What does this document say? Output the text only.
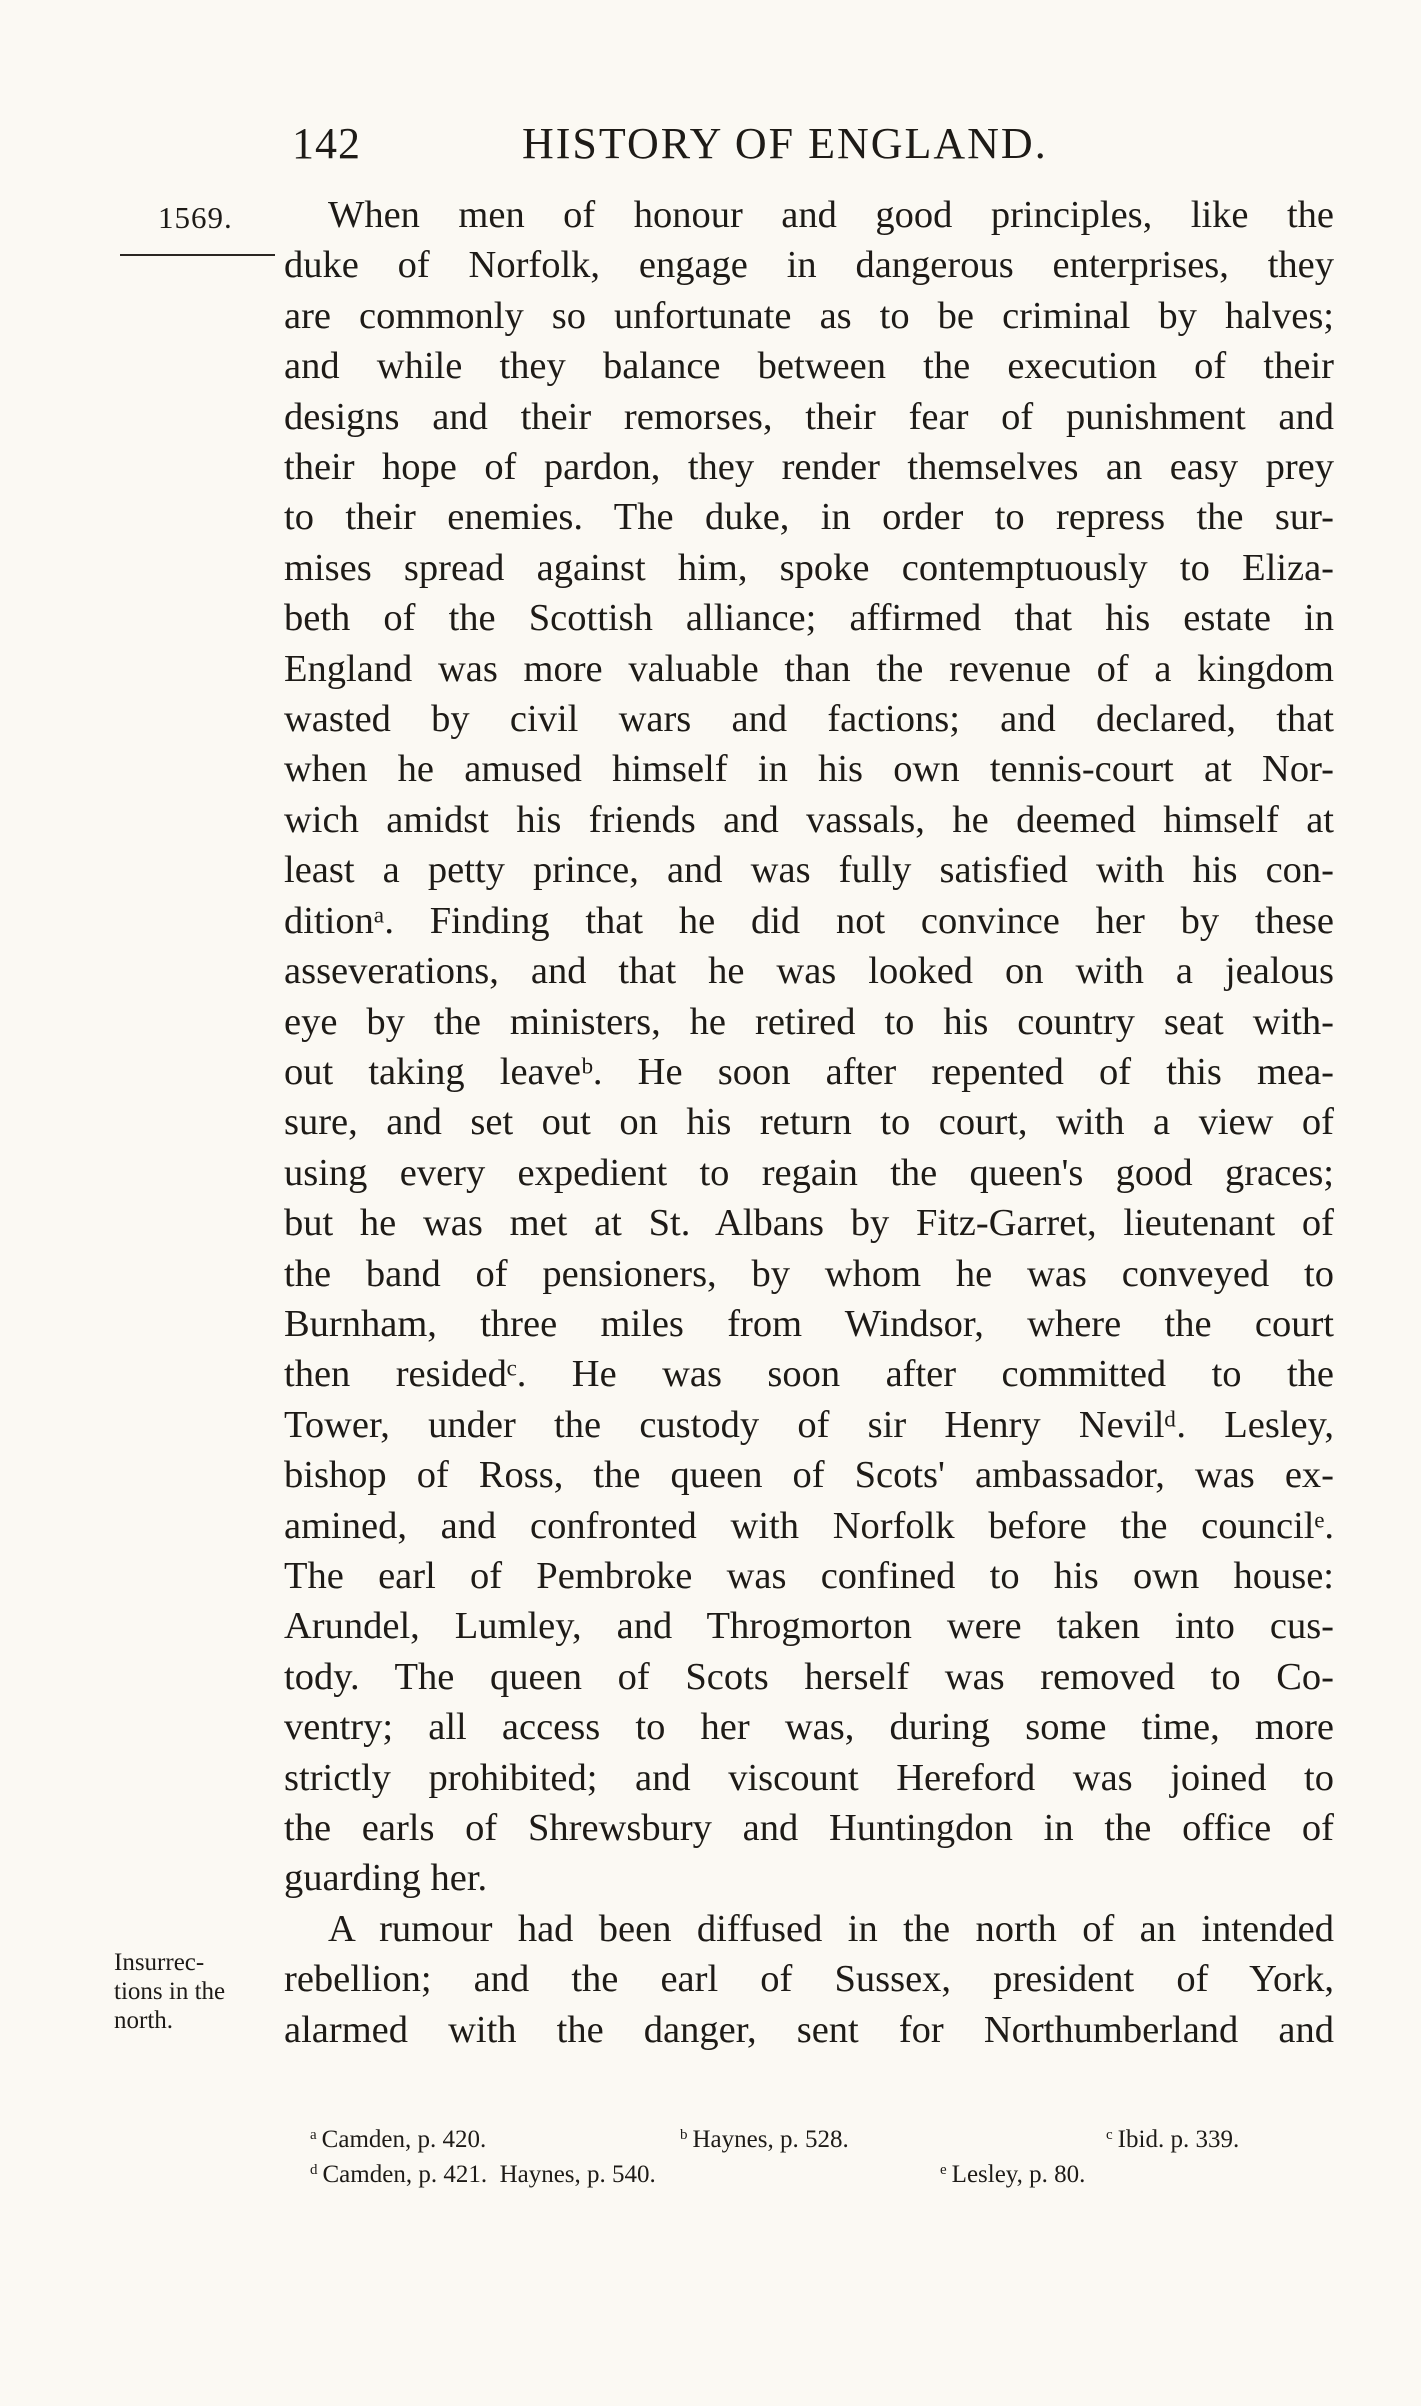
142	HISTORY OF ENGLAND.
1569.	When men of honour and good principles, like the

duke of Norfolk, engage in dangerous enterprises, they

are commonly so unfortunate as to be criminal by halves;

and while they balance between the execution of their

designs and their remorses, their fear of punishment and

their hope of pardon, they render themselves an easy prey

to their enemies. The duke, in order to repress the sur-

mises spread against him, spoke contemptuously to Eliza-

beth of the Scottish alliance; affirmed that his estate in

England was more valuable than the revenue of a kingdom

wasted by civil wars and factions; and declared, that

when he amused himself in his own tennis-court at Nor-

wich amidst his friends and vassals, he deemed himself at

least a petty prince, and was fully satisfied with his con-

ditionᵃ. Finding that he did not convince her by these

asseverations, and that he was looked on with a jealous

eye by the ministers, he retired to his country seat with-

out taking leaveᵇ. He soon after repented of this mea-

sure, and set out on his return to court, with a view of

using every expedient to regain the queen's good graces;

but he was met at St. Albans by Fitz-Garret, lieutenant of

the band of pensioners, by whom he was conveyed to

Burnham, three miles from Windsor, where the court

then residedᶜ. He was soon after committed to the

Tower, under the custody of sir Henry Nevilᵈ. Lesley,

bishop of Ross, the queen of Scots' ambassador, was ex-

amined, and confronted with Norfolk before the councilᵉ.

The earl of Pembroke was confined to his own house:

Arundel, Lumley, and Throgmorton were taken into cus-

tody. The queen of Scots herself was removed to Co-

ventry; all access to her was, during some time, more

strictly prohibited; and viscount Hereford was joined to

the earls of Shrewsbury and Huntingdon in the office of

guarding her.

A rumour had been diffused in the north of an intended

rebellion; and the earl of Sussex, president of York,

alarmed with the danger, sent for Northumberland and

Insurrec-
tions in the
north.
$^a$ Camden, p. 420.	$^b$ Haynes, p. 528.	$^c$ Ibid. p. 339.
$^d$ Camden, p. 421.  Haynes, p. 540.	$^e$ Lesley, p. 80.
